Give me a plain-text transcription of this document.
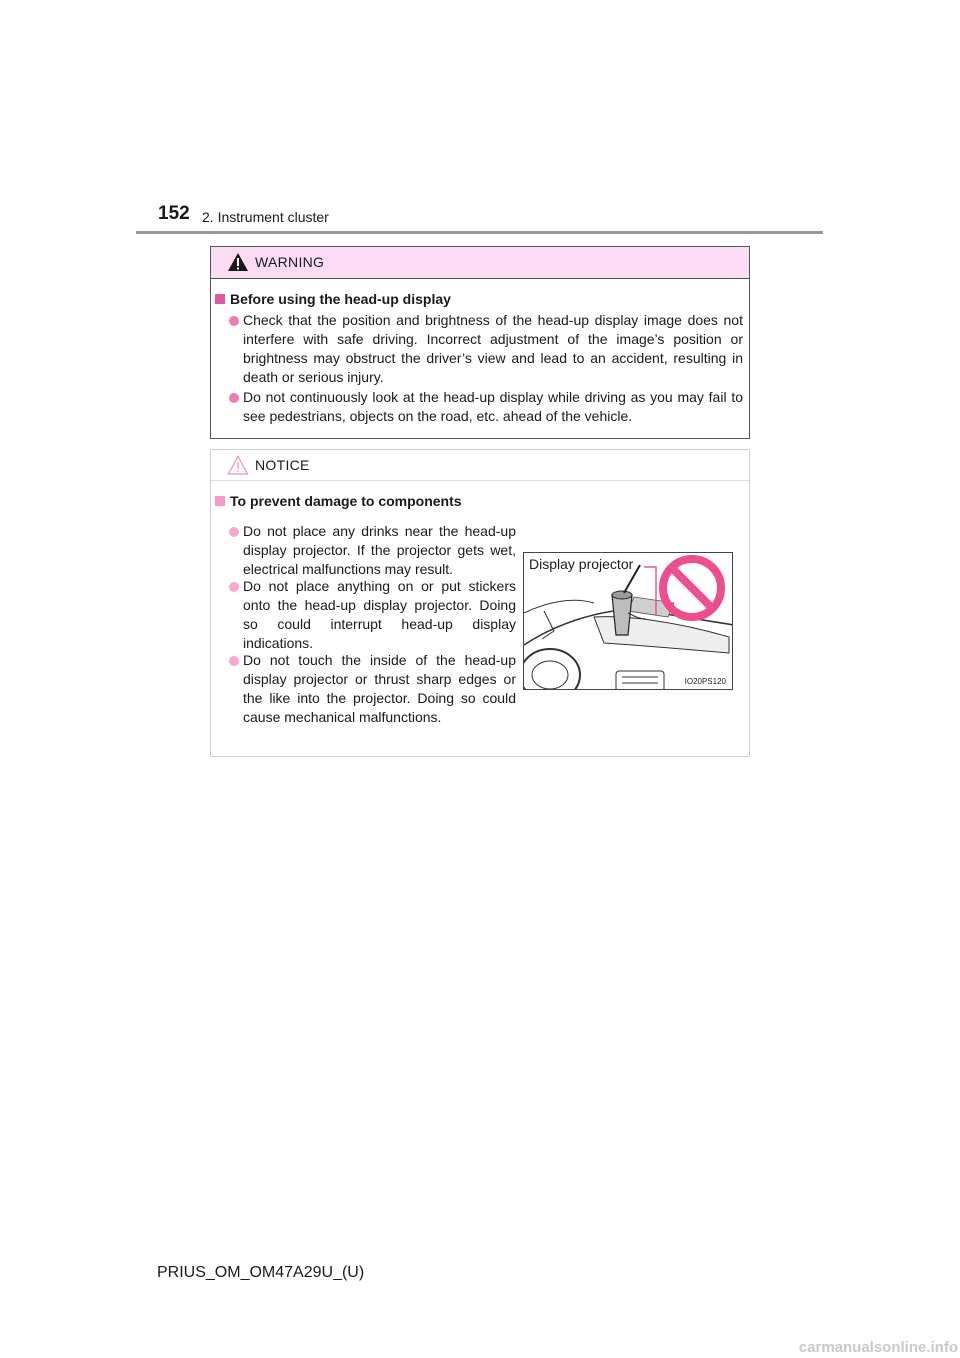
152 2. Instrument cluster
WARNING
Before using the head-up display
Check that the position and brightness of the head-up display image does not interfere with safe driving. Incorrect adjustment of the image’s position or brightness may obstruct the driver’s view and lead to an accident, resulting in death or serious injury.
Do not continuously look at the head-up display while driving as you may fail to see pedestrians, objects on the road, etc. ahead of the vehicle.
NOTICE
To prevent damage to components
Do not place any drinks near the head-up display projector. If the projector gets wet, electrical malfunctions may result.
Do not place anything on or put stickers onto the head-up display projector. Doing so could interrupt head-up display indications.
Do not touch the inside of the head-up display projector or thrust sharp edges or the like into the projector. Doing so could cause mechanical malfunctions.
Display projector
IO20PS120
PRIUS_OM_OM47A29U_(U)
carmanualsonline.info
